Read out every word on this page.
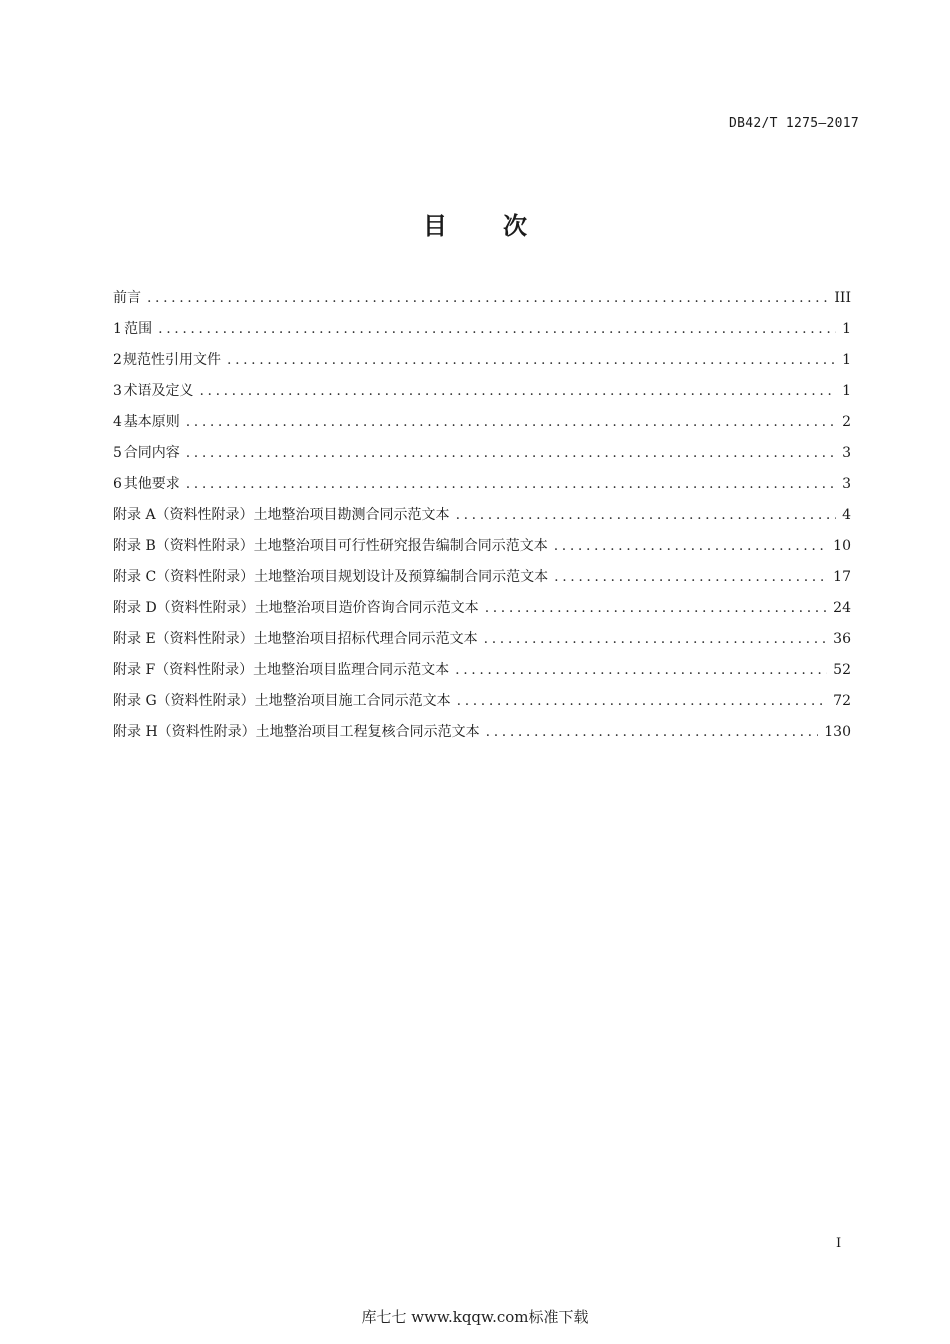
DB42/T 1275—2017
目次
前言 .....	III
1 范围 .....	1
2 规范性引用文件 .....	1
3 术语及定义 .....	1
4 基本原则 .....	2
5 合同内容 .....	3
6 其他要求 .....	3
附录 A（资料性附录） 土地整治项目勘测合同示范文本 .....	4
附录 B（资料性附录） 土地整治项目可行性研究报告编制合同示范文本 .....	10
附录 C（资料性附录） 土地整治项目规划设计及预算编制合同示范文本 .....	17
附录 D（资料性附录） 土地整治项目造价咨询合同示范文本 .....	24
附录 E（资料性附录） 土地整治项目招标代理合同示范文本 .....	36
附录 F（资料性附录） 土地整治项目监理合同示范文本 .....	52
附录 G（资料性附录） 土地整治项目施工合同示范文本 .....	72
附录 H（资料性附录） 土地整治项目工程复核合同示范文本 .....	130
I
库七七 www.kqqw.com标准下载
